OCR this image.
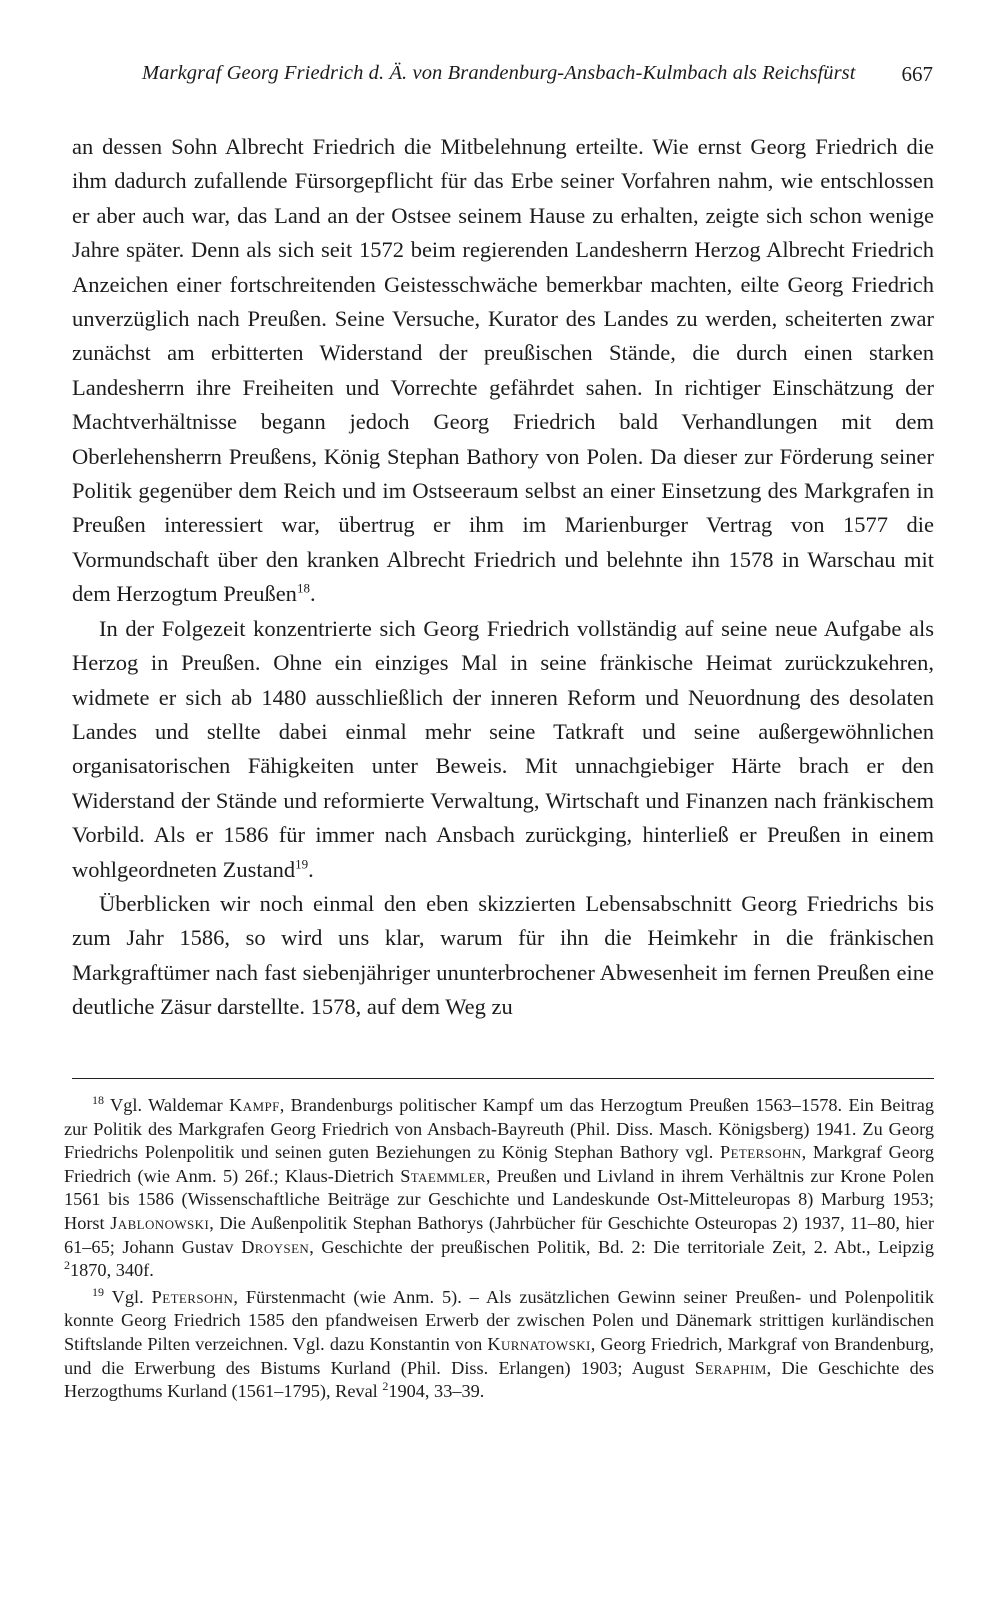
Markgraf Georg Friedrich d. Ä. von Brandenburg-Ansbach-Kulmbach als Reichsfürst 667

an dessen Sohn Albrecht Friedrich die Mitbelehnung erteilte. Wie ernst Georg Friedrich die ihm dadurch zufallende Fürsorgepflicht für das Erbe seiner Vorfahren nahm, wie entschlossen er aber auch war, das Land an der Ostsee seinem Hause zu erhalten, zeigte sich schon wenige Jahre später. Denn als sich seit 1572 beim regierenden Landesherrn Herzog Albrecht Friedrich Anzeichen einer fortschreitenden Geistesschwäche bemerkbar machten, eilte Georg Friedrich unverzüglich nach Preußen. Seine Versuche, Kurator des Landes zu werden, scheiterten zwar zunächst am erbitterten Widerstand der preußischen Stände, die durch einen starken Landesherrn ihre Freiheiten und Vorrechte gefährdet sahen. In richtiger Einschätzung der Machtverhältnisse begann jedoch Georg Friedrich bald Verhandlungen mit dem Oberlehensherrn Preußens, König Stephan Bathory von Polen. Da dieser zur Förderung seiner Politik gegenüber dem Reich und im Ostseeraum selbst an einer Einsetzung des Markgrafen in Preußen interessiert war, übertrug er ihm im Marienburger Vertrag von 1577 die Vormundschaft über den kranken Albrecht Friedrich und belehnte ihn 1578 in Warschau mit dem Herzogtum Preußen$^{18}$.

In der Folgezeit konzentrierte sich Georg Friedrich vollständig auf seine neue Aufgabe als Herzog in Preußen. Ohne ein einziges Mal in seine fränkische Heimat zurückzukehren, widmete er sich ab 1480 ausschließlich der inneren Reform und Neuordnung des desolaten Landes und stellte dabei einmal mehr seine Tatkraft und seine außergewöhnlichen organisatorischen Fähigkeiten unter Beweis. Mit unnachgiebiger Härte brach er den Widerstand der Stände und reformierte Verwaltung, Wirtschaft und Finanzen nach fränkischem Vorbild. Als er 1586 für immer nach Ansbach zurückging, hinterließ er Preußen in einem wohlgeordneten Zustand$^{19}$.

Überblicken wir noch einmal den eben skizzierten Lebensabschnitt Georg Friedrichs bis zum Jahr 1586, so wird uns klar, warum für ihn die Heimkehr in die fränkischen Markgraftümer nach fast siebenjähriger ununterbrochener Abwesenheit im fernen Preußen eine deutliche Zäsur darstellte. 1578, auf dem Weg zu

$^{18}$ Vgl. Waldemar Kampf, Brandenburgs politischer Kampf um das Herzogtum Preußen 1563–1578. Ein Beitrag zur Politik des Markgrafen Georg Friedrich von Ansbach-Bayreuth (Phil. Diss. Masch. Königsberg) 1941. Zu Georg Friedrichs Polenpolitik und seinen guten Beziehungen zu König Stephan Bathory vgl. Petersohn, Markgraf Georg Friedrich (wie Anm. 5) 26f.; Klaus-Dietrich Staemmler, Preußen und Livland in ihrem Verhältnis zur Krone Polen 1561 bis 1586 (Wissenschaftliche Beiträge zur Geschichte und Landeskunde Ost-Mitteleuropas 8) Marburg 1953; Horst Jablonowski, Die Außenpolitik Stephan Bathorys (Jahrbücher für Geschichte Osteuropas 2) 1937, 11–80, hier 61–65; Johann Gustav Droysen, Geschichte der preußischen Politik, Bd. 2: Die territoriale Zeit, 2. Abt., Leipzig $^2$1870, 340f.

$^{19}$ Vgl. Petersohn, Fürstenmacht (wie Anm. 5). – Als zusätzlichen Gewinn seiner Preußen- und Polenpolitik konnte Georg Friedrich 1585 den pfandweisen Erwerb der zwischen Polen und Dänemark strittigen kurländischen Stiftslande Pilten verzeichnen. Vgl. dazu Konstantin von Kurnatowski, Georg Friedrich, Markgraf von Brandenburg, und die Erwerbung des Bistums Kurland (Phil. Diss. Erlangen) 1903; August Seraphim, Die Geschichte des Herzogthums Kurland (1561–1795), Reval $^2$1904, 33–39.
